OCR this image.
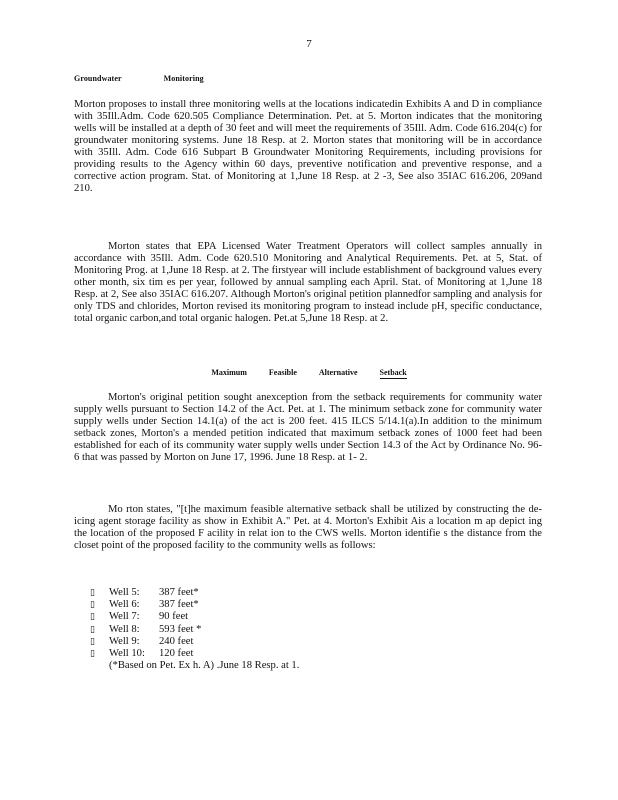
7
Groundwater	Monitoring
Morton proposes to install three monitoring wells at the locations indicatedin Exhibits A and D in compliance with 35Ill.Adm. Code 620.505 Compliance Determination. Pet. at 5. Morton indicates that the monitoring wells will be installed at a depth of 30 feet and will meet the requirements of 35Ill. Adm. Code 616.204(c) for groundwater monitoring systems. June 18 Resp. at 2. Morton states that monitoring will be in accordance with 35Ill. Adm. Code 616 Subpart B Groundwater Monitoring Requirements, including provisions for providing results to the Agency within 60 days, preventive notification and preventive response, and a corrective action program. Stat. of Monitoring at 1,June 18 Resp. at 2 -3, See also 35IAC 616.206, 209and 210.
Morton states that EPA Licensed Water Treatment Operators will collect samples annually in accordance with 35Ill. Adm. Code 620.510 Monitoring and Analytical Requirements. Pet. at 5, Stat. of Monitoring Prog. at 1,June 18 Resp. at 2. The firstyear will include establishment of background values every other month, six tim es per year, followed by annual sampling each April. Stat. of Monitoring at 1,June 18 Resp. at 2, See also 35IAC 616.207. Although Morton's original petition plannedfor sampling and analysis for only TDS and chlorides, Morton revised its monitoring program to instead include pH, specific conductance, total organic carbon,and total organic halogen. Pet.at 5,June 18 Resp. at 2.
Maximum	Feasible	Alternative	Setback
Morton's original petition sought anexception from the setback requirements for community water supply wells pursuant to Section 14.2 of the Act. Pet. at 1. The minimum setback zone for community water supply wells under Section 14.1(a) of the act is 200 feet. 415 ILCS 5/14.1(a).In addition to the minimum setback zones, Morton's a mended petition indicated that maximum setback zones of 1000 feet had been established for each of its community water supply wells under Section 14.3 of the Act by Ordinance No. 96-6 that was passed by Morton on June 17, 1996. June 18 Resp. at 1- 2.
Mo rton states, "[t]he maximum feasible alternative setback shall be utilized by constructing the de-icing agent storage facility as show in Exhibit A." Pet. at 4. Morton's Exhibit Ais a location m ap depict ing the location of the proposed F acility in relat ion to the CWS wells. Morton identifie s the distance from the closet point of the proposed facility to the community wells as follows:
▯	Well 5:	387 feet*
▯	Well 6:	387 feet*
▯	Well 7:	90 feet
▯	Well 8:	593 feet *
▯	Well 9:	240 feet
▯	Well 10:	120 feet
(*Based on Pet. Ex h. A) .June 18 Resp. at 1.
